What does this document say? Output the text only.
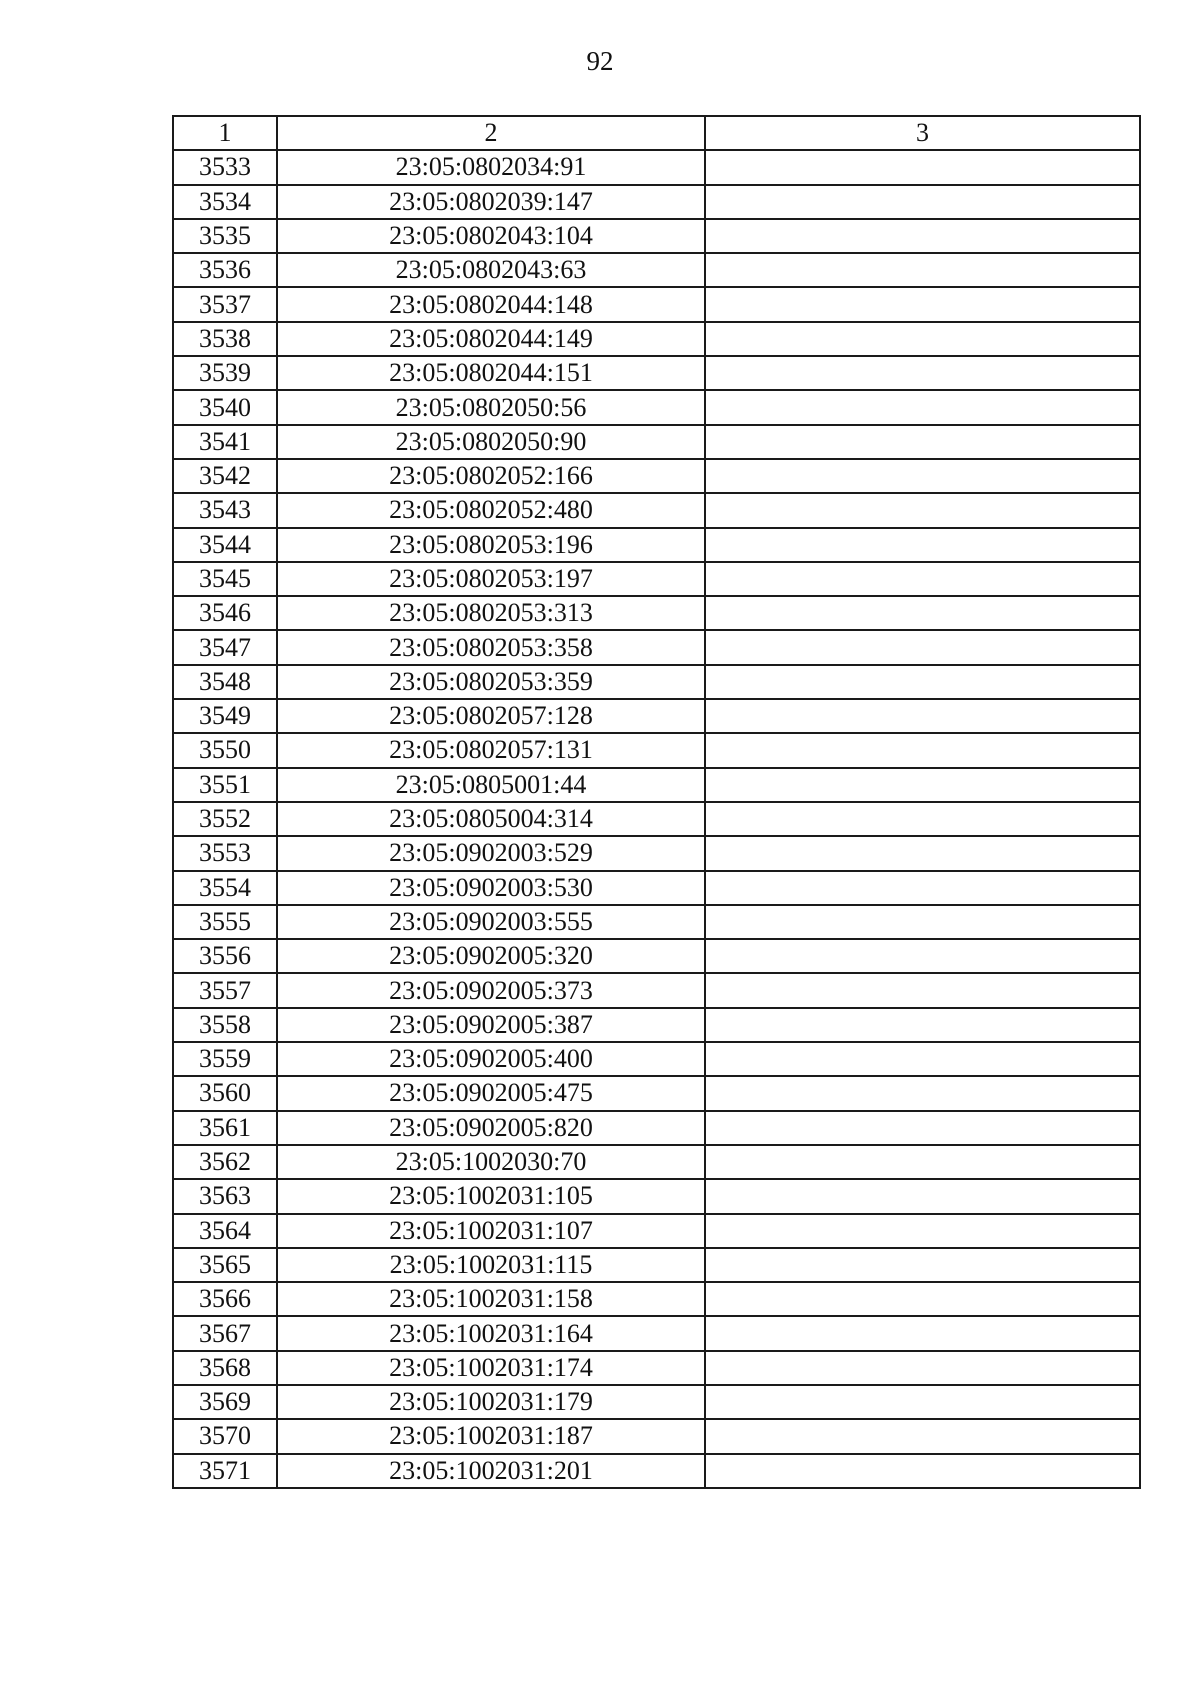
92
1	2	3
3533	23:05:0802034:91	
3534	23:05:0802039:147	
3535	23:05:0802043:104	
3536	23:05:0802043:63	
3537	23:05:0802044:148	
3538	23:05:0802044:149	
3539	23:05:0802044:151	
3540	23:05:0802050:56	
3541	23:05:0802050:90	
3542	23:05:0802052:166	
3543	23:05:0802052:480	
3544	23:05:0802053:196	
3545	23:05:0802053:197	
3546	23:05:0802053:313	
3547	23:05:0802053:358	
3548	23:05:0802053:359	
3549	23:05:0802057:128	
3550	23:05:0802057:131	
3551	23:05:0805001:44	
3552	23:05:0805004:314	
3553	23:05:0902003:529	
3554	23:05:0902003:530	
3555	23:05:0902003:555	
3556	23:05:0902005:320	
3557	23:05:0902005:373	
3558	23:05:0902005:387	
3559	23:05:0902005:400	
3560	23:05:0902005:475	
3561	23:05:0902005:820	
3562	23:05:1002030:70	
3563	23:05:1002031:105	
3564	23:05:1002031:107	
3565	23:05:1002031:115	
3566	23:05:1002031:158	
3567	23:05:1002031:164	
3568	23:05:1002031:174	
3569	23:05:1002031:179	
3570	23:05:1002031:187	
3571	23:05:1002031:201	
